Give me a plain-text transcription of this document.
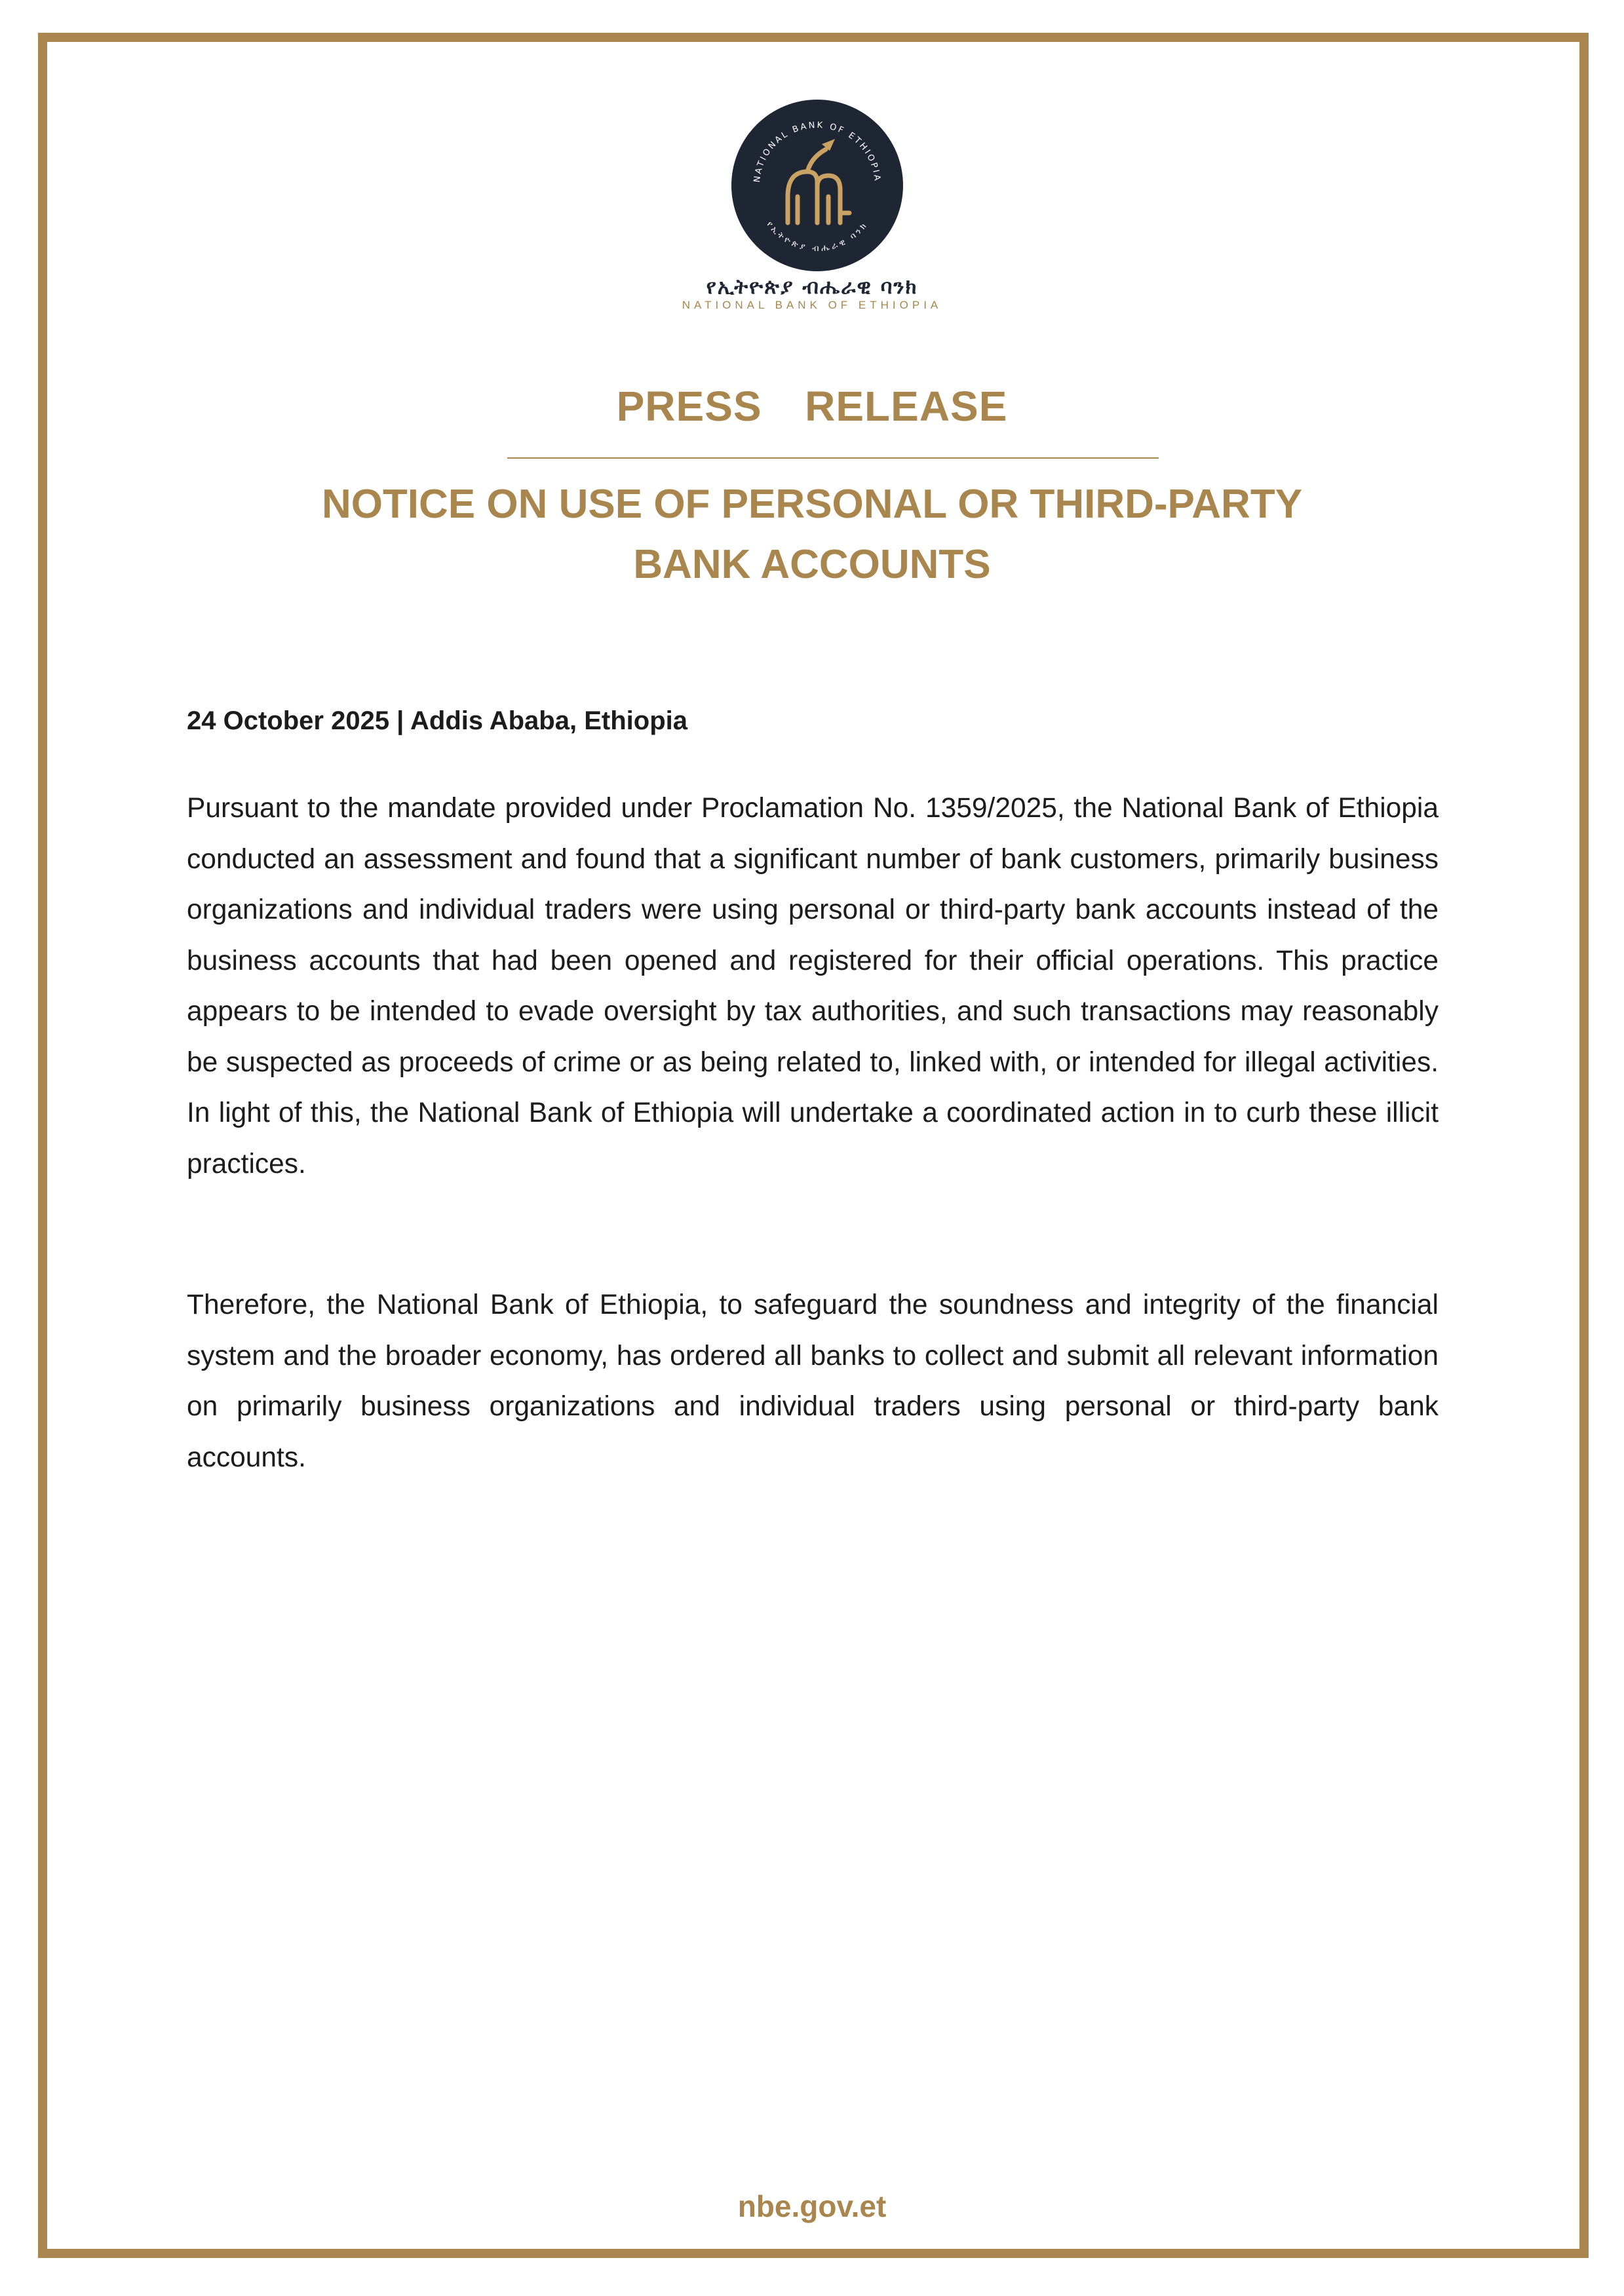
NATIONAL BANK OF ETHIOPIA
የኢትዮጵያ ብሔራዊ ባንክ
የኢትዮጵያ ብሔራዊ ባንክ
NATIONAL BANK OF ETHIOPIA
PRESS  RELEASE
NOTICE ON USE OF PERSONAL OR THIRD-PARTY
BANK ACCOUNTS
24 October 2025 | Addis Ababa, Ethiopia
Pursuant to the mandate provided under Proclamation No. 1359/2025, the National Bank of Ethiopia conducted an assessment and found that a significant number of bank customers, primarily business organizations and individual traders were using personal or third-party bank accounts instead of the business accounts that had been opened and registered for their official operations. This practice appears to be intended to evade oversight by tax authorities, and such transactions may reasonably be suspected as proceeds of crime or as being related to, linked with, or intended for illegal activities. In light of this, the National Bank of Ethiopia will undertake a coordinated action in to curb these illicit practices.
Therefore, the National Bank of Ethiopia, to safeguard the soundness and integrity of the financial system and the broader economy, has ordered all banks to collect and submit all relevant information on primarily business organizations and individual traders using personal or third-party bank accounts.
nbe.gov.et
